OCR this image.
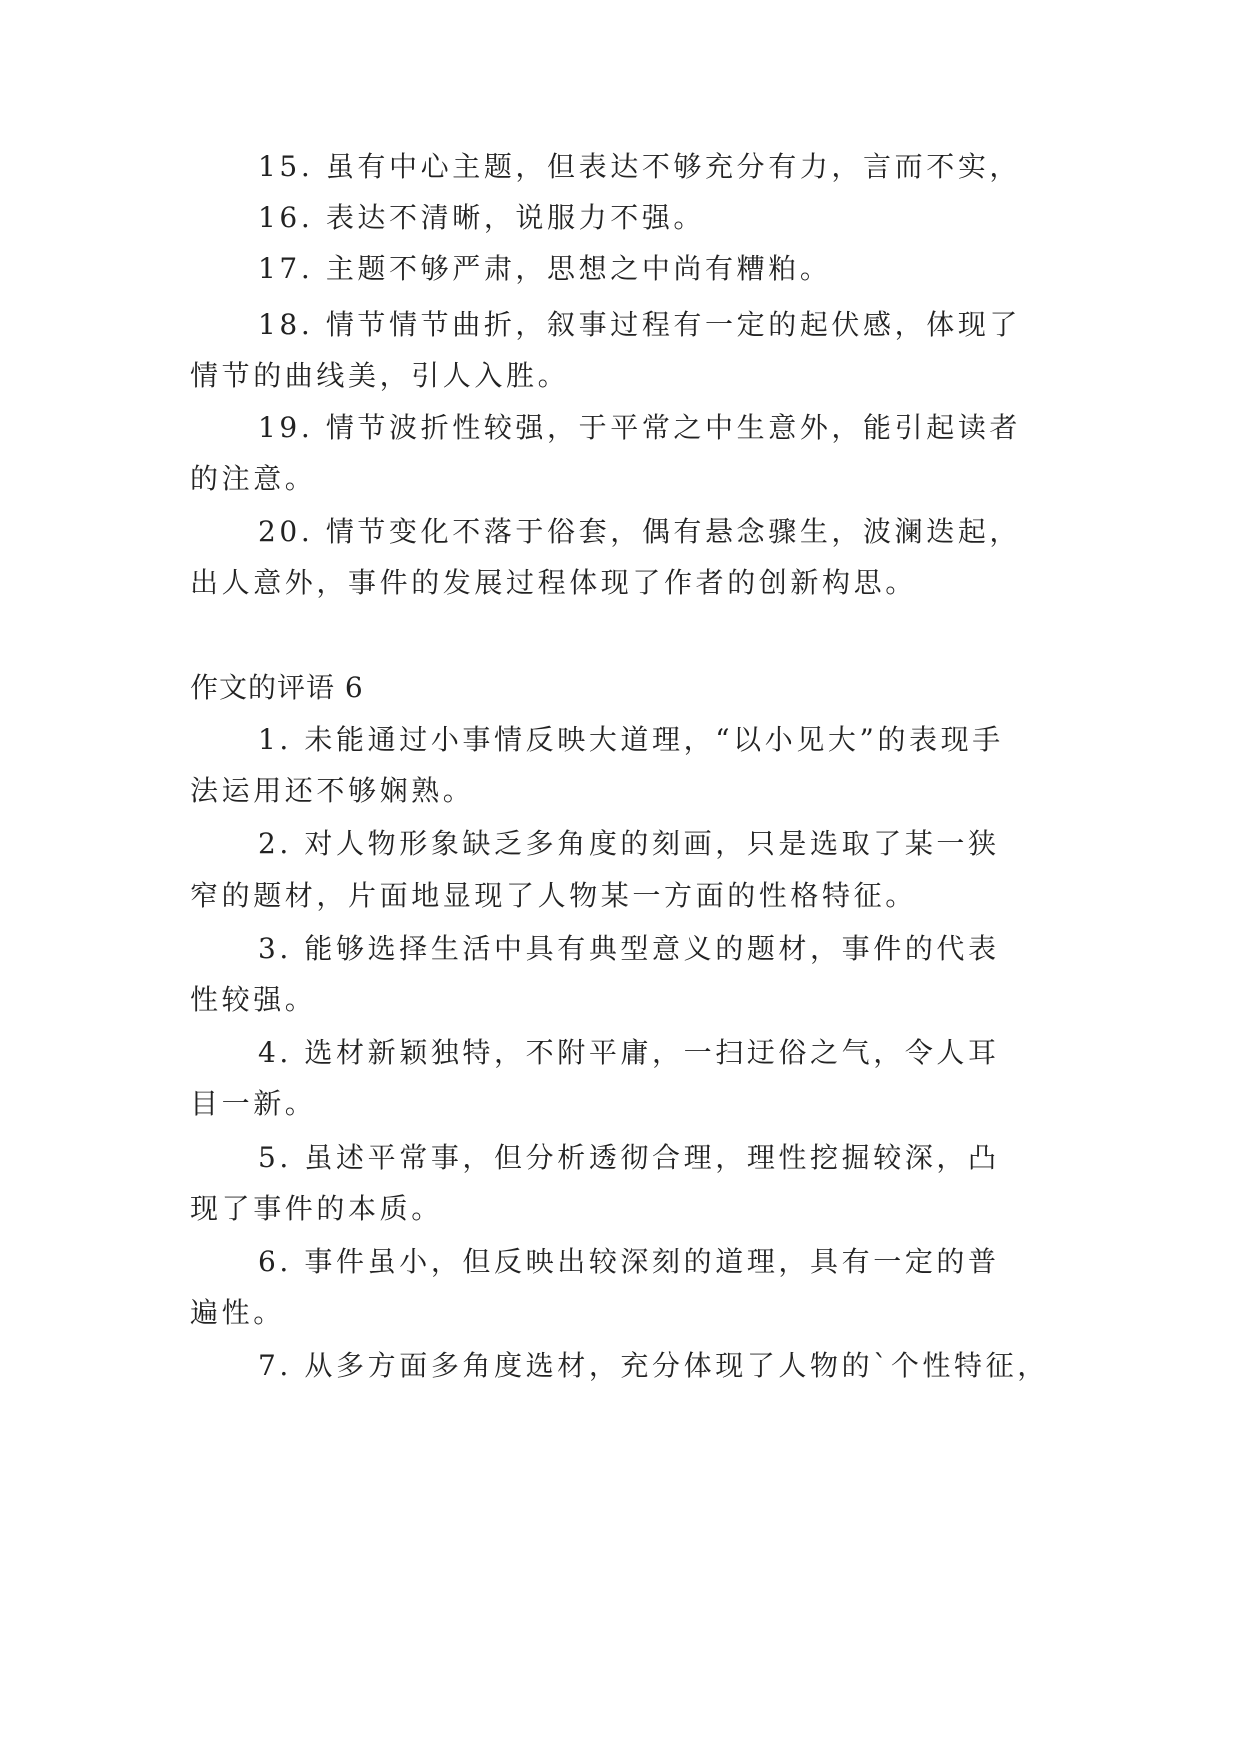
15. 虽有中心主题，但表达不够充分有力，言而不实，
16. 表达不清晰，说服力不强。
17. 主题不够严肃，思想之中尚有糟粕。
18. 情节情节曲折，叙事过程有一定的起伏感，体现了
情节的曲线美，引人入胜。
19. 情节波折性较强，于平常之中生意外，能引起读者
的注意。
20. 情节变化不落于俗套，偶有悬念骤生，波澜迭起，
出人意外，事件的发展过程体现了作者的创新构思。
作文的评语 6
1. 未能通过小事情反映大道理，“以小见大”的表现手
法运用还不够娴熟。
2. 对人物形象缺乏多角度的刻画，只是选取了某一狭
窄的题材，片面地显现了人物某一方面的性格特征。
3. 能够选择生活中具有典型意义的题材，事件的代表
性较强。
4. 选材新颖独特，不附平庸，一扫迂俗之气，令人耳
目一新。
5. 虽述平常事，但分析透彻合理，理性挖掘较深，凸
现了事件的本质。
6. 事件虽小，但反映出较深刻的道理，具有一定的普
遍性。
7. 从多方面多角度选材，充分体现了人物的`个性特征，
